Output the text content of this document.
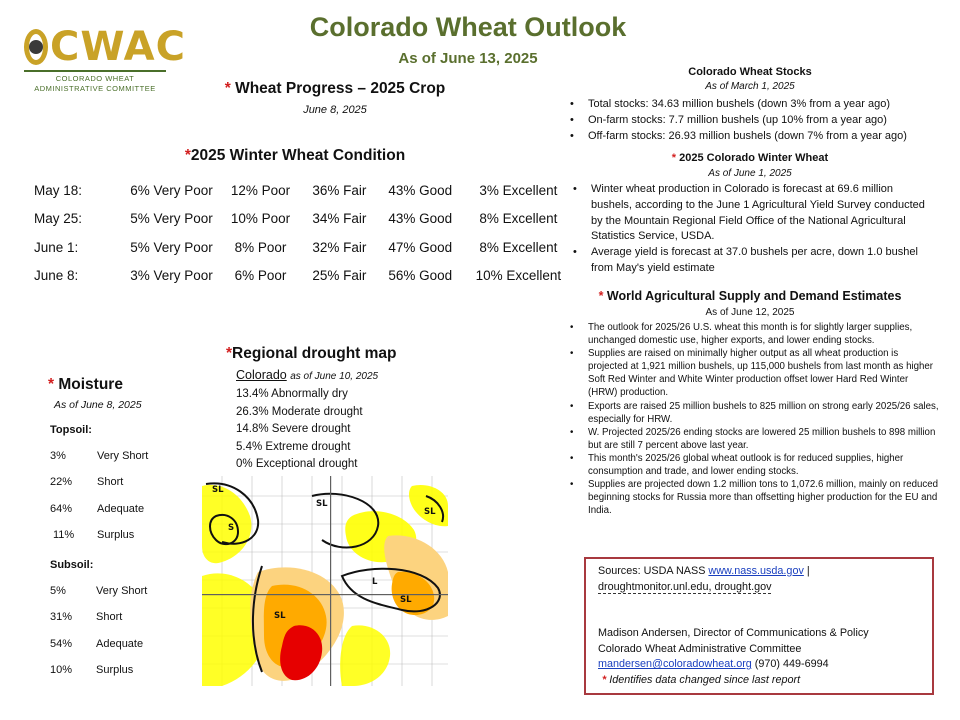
CWAC
COLORADO WHEAT
ADMINISTRATIVE COMMITTEE
Colorado Wheat Outlook
As of June 13, 2025
* Wheat Progress – 2025 Crop
June 8, 2025
*2025 Winter Wheat Condition
May 18:	6% Very Poor	12% Poor	36% Fair	43% Good	3% Excellent
May 25:	5% Very Poor	10% Poor	34% Fair	43% Good	8% Excellent
June 1:	5% Very Poor	8% Poor	32% Fair	47% Good	8% Excellent
June 8:	3% Very Poor	6% Poor	25% Fair	56% Good	10% Excellent
* Moisture
As of June 8, 2025
Topsoil:
3%	Very Short
22% Short
64% Adequate
11% Surplus
Subsoil:
5%	Very Short
31% Short
54% Adequate
10% Surplus
*Regional drought map
Colorado as of June 10, 2025
13.4% Abnormally dry
26.3% Moderate drought
14.8% Severe drought
5.4% Extreme drought
0% Exceptional drought
SL
SL
SL
S
L
SL
SL
Colorado Wheat Stocks
As of March 1, 2025
• Total stocks: 34.63 million bushels (down 3% from a year ago)
• On-farm stocks: 7.7 million bushels (up 10% from a year ago)
• Off-farm stocks: 26.93 million bushels (down 7% from a year ago)
* 2025 Colorado Winter Wheat
As of June 1, 2025
• Winter wheat production in Colorado is forecast at 69.6 million bushels, according to the June 1 Agricultural Yield Survey conducted by the Mountain Regional Field Office of the National Agricultural Statistics Service, USDA.
• Average yield is forecast at 37.0 bushels per acre, down 1.0 bushel from May's yield estimate
* World Agricultural Supply and Demand Estimates
As of June 12, 2025
• The outlook for 2025/26 U.S. wheat this month is for slightly larger supplies, unchanged domestic use, higher exports, and lower ending stocks.
• Supplies are raised on minimally higher output as all wheat production is projected at 1,921 million bushels, up 115,000 bushels from last month as higher Soft Red Winter and White Winter production offset lower Hard Red Winter (HRW) production.
• Exports are raised 25 million bushels to 825 million on strong early 2025/26 sales, especially for HRW.
• W. Projected 2025/26 ending stocks are lowered 25 million bushels to 898 million but are still 7 percent above last year.
• This month's 2025/26 global wheat outlook is for reduced supplies, higher consumption and trade, and lower ending stocks.
• Supplies are projected down 1.2 million tons to 1,072.6 million, mainly on reduced beginning stocks for Russia more than offsetting higher production for the EU and India.
Sources: USDA NASS www.nass.usda.gov |
droughtmonitor.unl.edu, drought.gov
Madison Andersen, Director of Communications & Policy
Colorado Wheat Administrative Committee
mandersen@coloradowheat.org (970) 449-6994
* Identifies data changed since last report
